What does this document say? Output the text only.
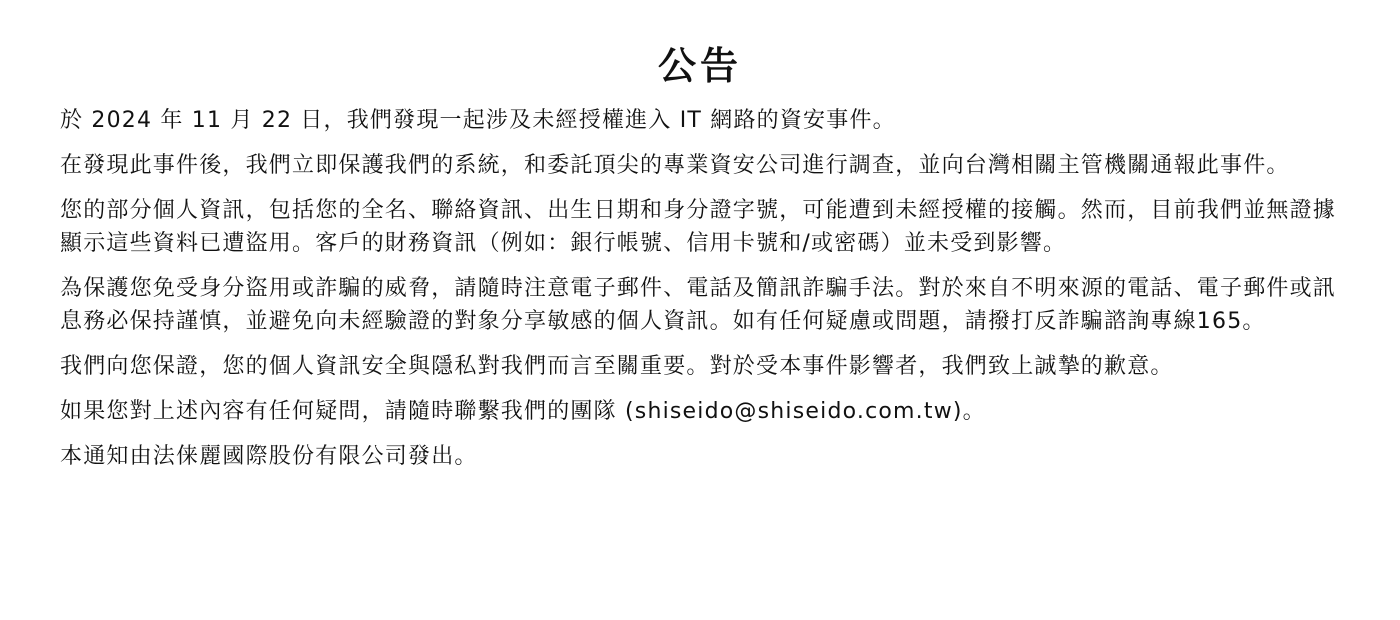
公告

於 2024 年 11 月 22 日，我們發現一起涉及未經授權進入 IT 網路的資安事件。

在發現此事件後，我們立即保護我們的系統，和委託頂尖的專業資安公司進行調查，並向台灣相關主管機關通報此事件。

您的部分個人資訊，包括您的全名、聯絡資訊、出生日期和身分證字號，可能遭到未經授權的接觸。然而，目前我們並無證據顯示這些資料已遭盜用。客戶的財務資訊（例如：銀行帳號、信用卡號和/或密碼）並未受到影響。

為保護您免受身分盜用或詐騙的威脅，請隨時注意電子郵件、電話及簡訊詐騙手法。對於來自不明來源的電話、電子郵件或訊息務必保持謹慎，並避免向未經驗證的對象分享敏感的個人資訊。如有任何疑慮或問題，請撥打反詐騙諮詢專線165。

我們向您保證，您的個人資訊安全與隱私對我們而言至關重要。對於受本事件影響者，我們致上誠摯的歉意。

如果您對上述內容有任何疑問，請隨時聯繫我們的團隊 (shiseido@shiseido.com.tw)。

本通知由法俫麗國際股份有限公司發出。
